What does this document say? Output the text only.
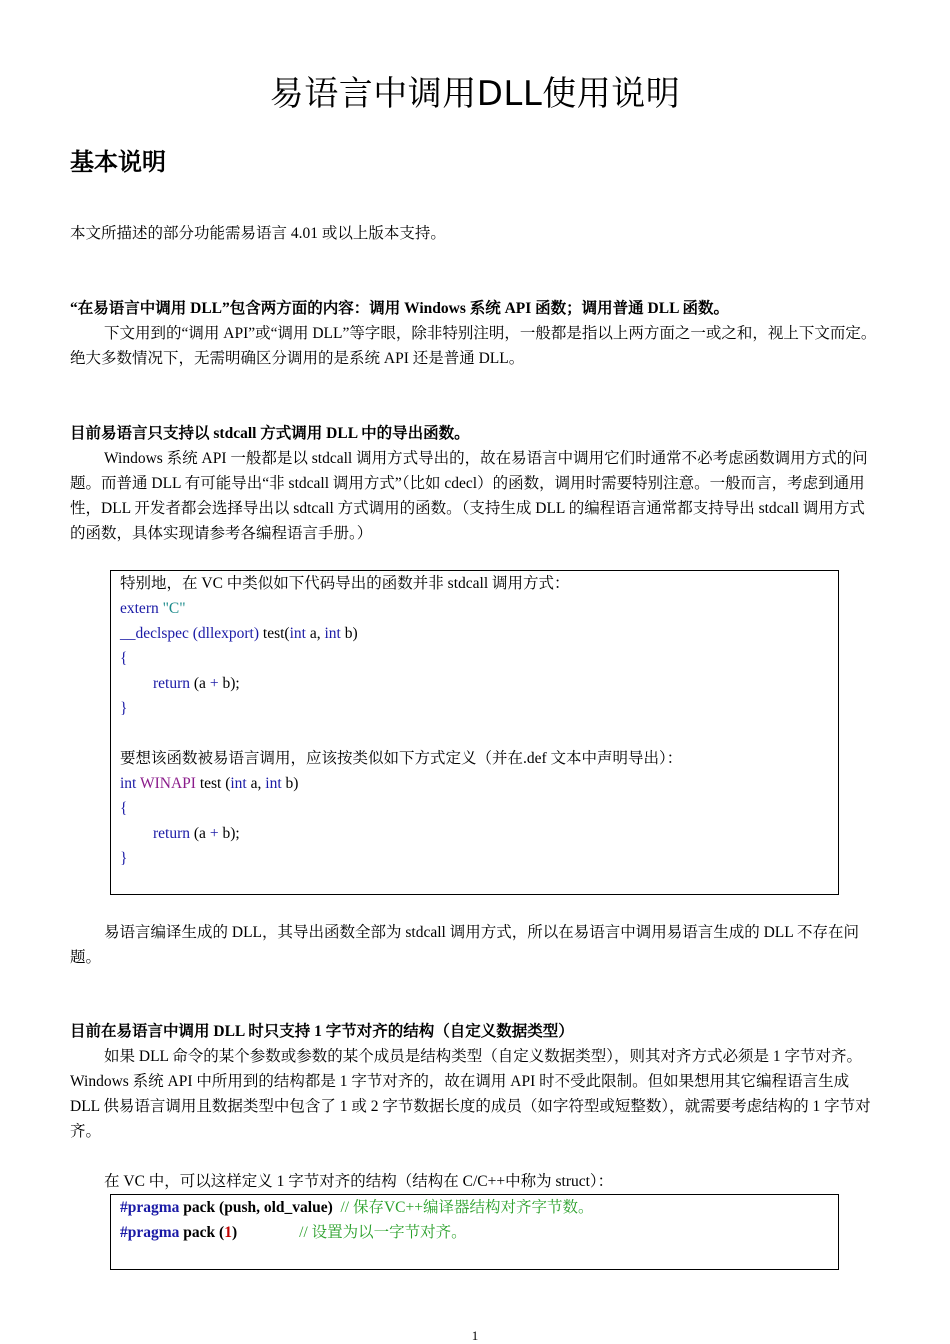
易语言中调用DLL使用说明
基本说明
本文所描述的部分功能需易语言 4.01 或以上版本支持。
“在易语言中调用 DLL”包含两方面的内容：调用 Windows 系统 API 函数；调用普通 DLL 函数。
下文用到的“调用 API”或“调用 DLL”等字眼，除非特别注明，一般都是指以上两方面之一或之和，视上下文而定。绝大多数情况下，无需明确区分调用的是系统 API 还是普通 DLL。
目前易语言只支持以 stdcall 方式调用 DLL 中的导出函数。
Windows 系统 API 一般都是以 stdcall 调用方式导出的，故在易语言中调用它们时通常不必考虑函数调用方式的问题。而普通 DLL 有可能导出“非 stdcall 调用方式”（比如 cdecl）的函数，调用时需要特别注意。一般而言，考虑到通用性，DLL 开发者都会选择导出以 sdtcall 方式调用的函数。（支持生成 DLL 的编程语言通常都支持导出 stdcall 调用方式的函数，具体实现请参考各编程语言手册。）
特别地，在 VC 中类似如下代码导出的函数并非 stdcall 调用方式：
extern "C"
__declspec (dllexport) test(int a, int b)
{
return (a + b);
}
要想该函数被易语言调用，应该按类似如下方式定义（并在.def 文本中声明导出）：
int WINAPI test (int a, int b)
{
return (a + b);
}
易语言编译生成的 DLL，其导出函数全部为 stdcall 调用方式，所以在易语言中调用易语言生成的 DLL 不存在问题。
目前在易语言中调用 DLL 时只支持 1 字节对齐的结构（自定义数据类型）
如果 DLL 命令的某个参数或参数的某个成员是结构类型（自定义数据类型），则其对齐方式必须是 1 字节对齐。Windows 系统 API 中所用到的结构都是 1 字节对齐的，故在调用 API 时不受此限制。但如果想用其它编程语言生成 DLL 供易语言调用且数据类型中包含了 1 或 2 字节数据长度的成员（如字符型或短整数），就需要考虑结构的 1 字节对齐。
在 VC 中，可以这样定义 1 字节对齐的结构（结构在 C/C++中称为 struct）：
#pragma pack (push, old_value)  // 保存VC++编译器结构对齐字节数。
#pragma pack (1)	// 设置为以一字节对齐。
1
